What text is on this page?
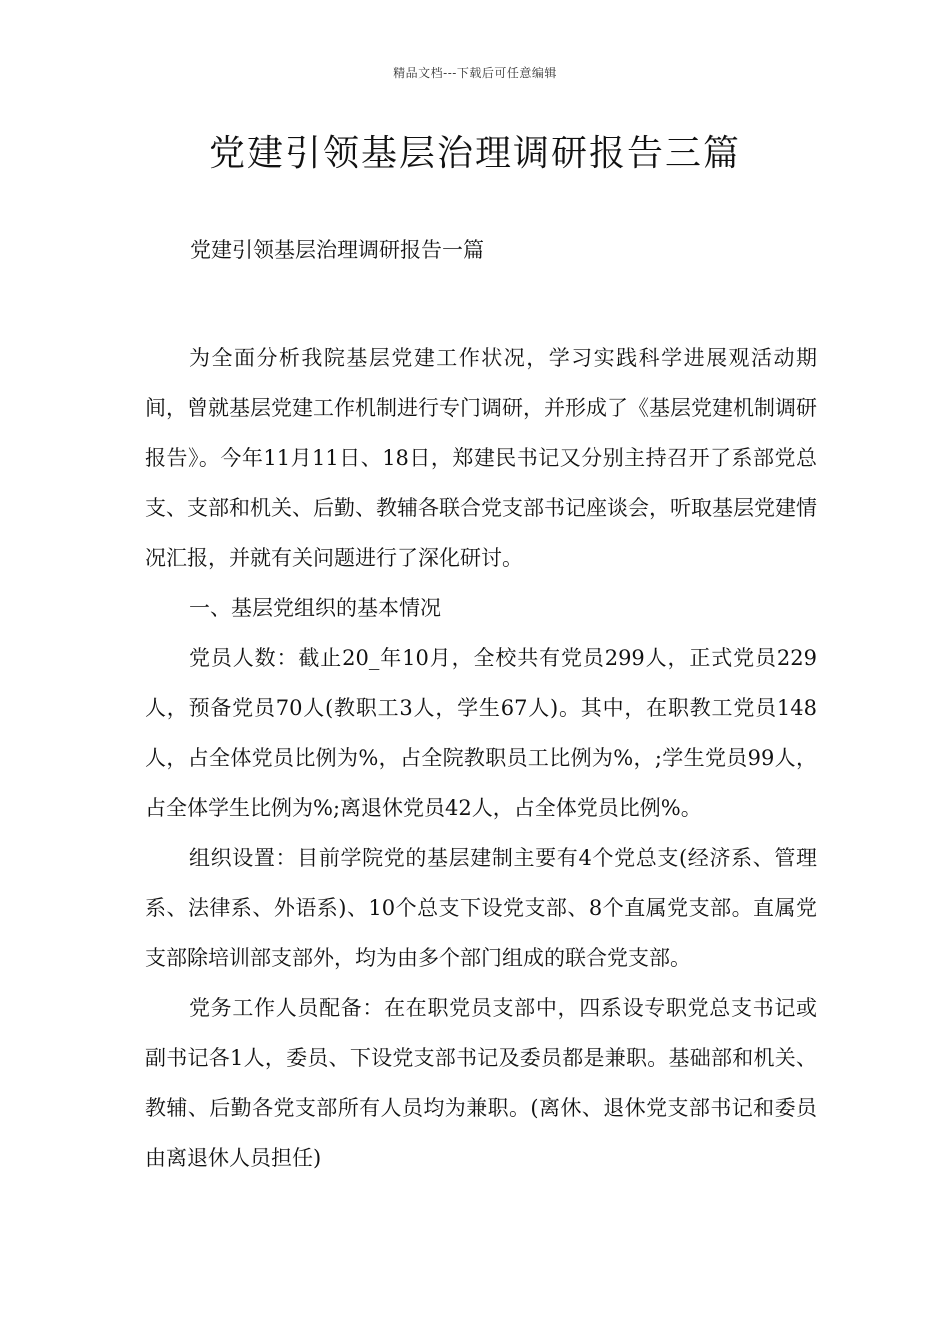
精品文档---下载后可任意编辑
党建引领基层治理调研报告三篇

党建引领基层治理调研报告一篇

为全面分析我院基层党建工作状况，学习实践科学进展观活动期间，曾就基层党建工作机制进行专门调研，并形成了《基层党建机制调研报告》。今年11月11日、18日，郑建民书记又分别主持召开了系部党总支、支部和机关、后勤、教辅各联合党支部书记座谈会，听取基层党建情况汇报，并就有关问题进行了深化研讨。

一、基层党组织的基本情况

党员人数：截止20_年10月，全校共有党员299人，正式党员229人，预备党员70人(教职工3人，学生67人)。其中，在职教工党员148人，占全体党员比例为%，占全院教职员工比例为%，;学生党员99人，占全体学生比例为%;离退休党员42人，占全体党员比例%。

组织设置：目前学院党的基层建制主要有4个党总支(经济系、管理系、法律系、外语系)、10个总支下设党支部、8个直属党支部。直属党支部除培训部支部外，均为由多个部门组成的联合党支部。

党务工作人员配备：在在职党员支部中，四系设专职党总支书记或副书记各1人，委员、下设党支部书记及委员都是兼职。基础部和机关、教辅、后勤各党支部所有人员均为兼职。(离休、退休党支部书记和委员由离退休人员担任)
